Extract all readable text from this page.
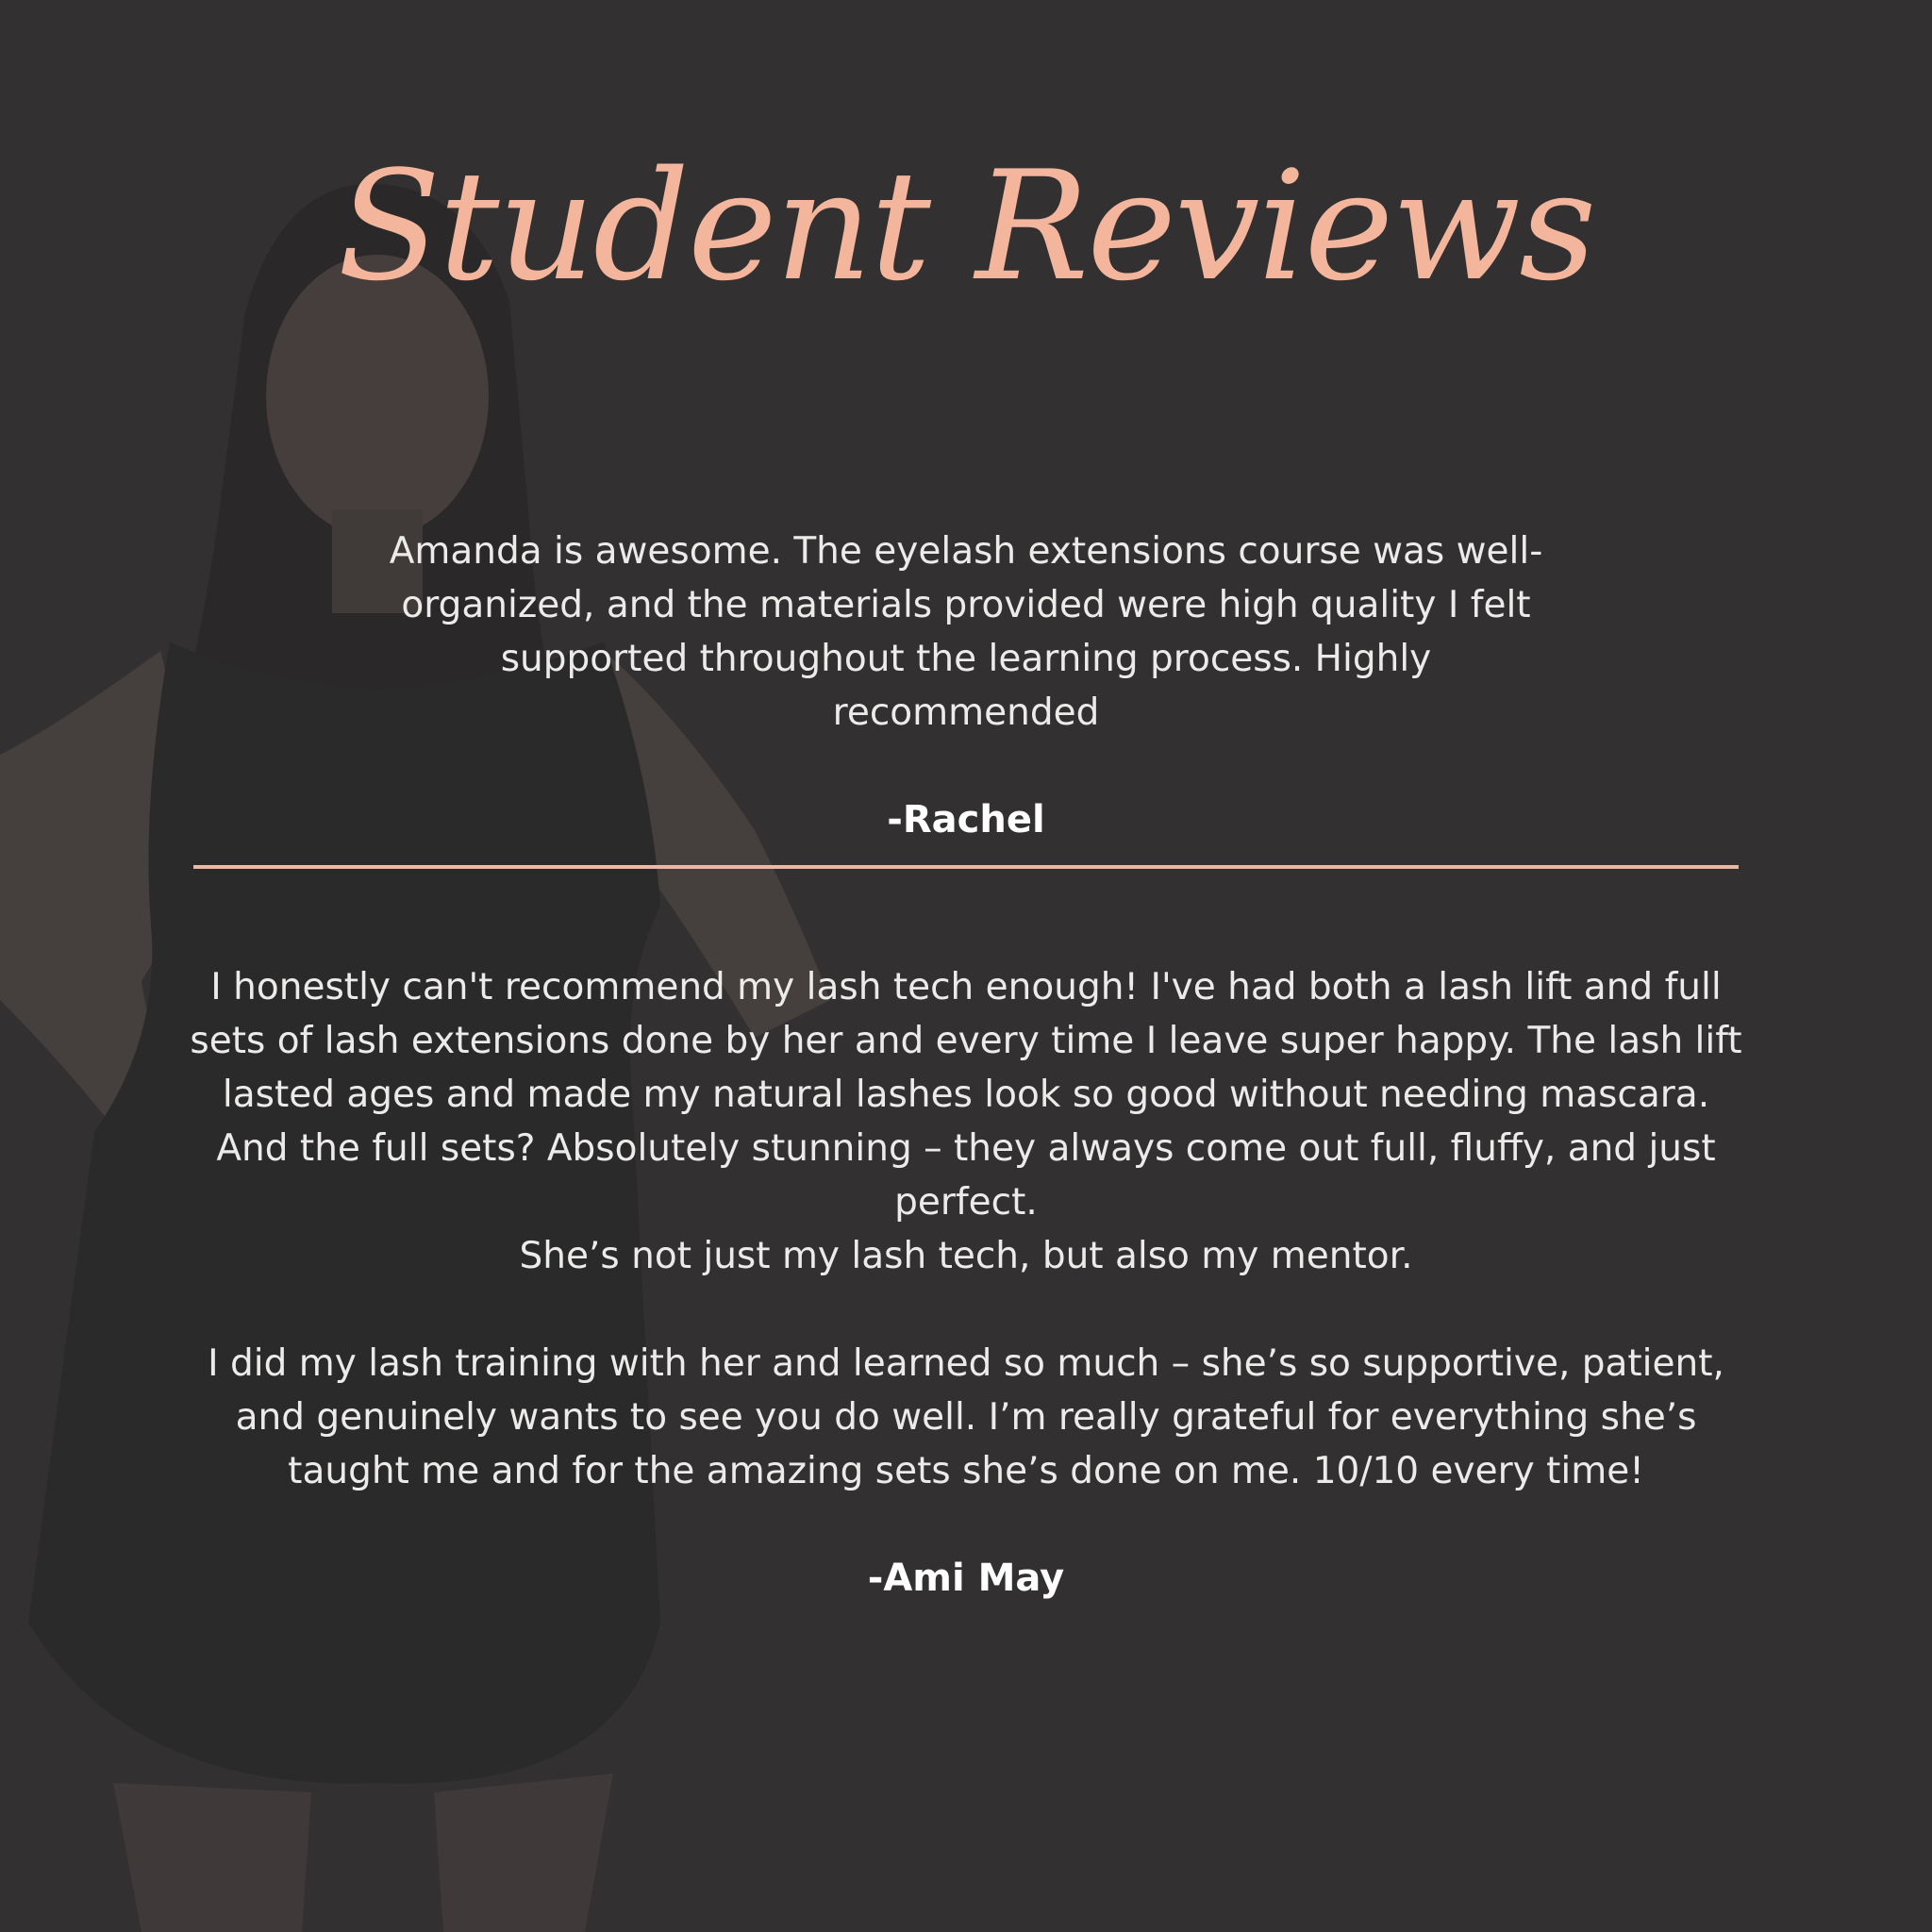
Student Reviews

Amanda is awesome. The eyelash extensions course was well-organized, and the materials provided were high quality I felt supported throughout the learning process. Highly recommended

-Rachel

I honestly can't recommend my lash tech enough! I've had both a lash lift and full sets of lash extensions done by her and every time I leave super happy. The lash lift lasted ages and made my natural lashes look so good without needing mascara. And the full sets? Absolutely stunning – they always come out full, fluffy, and just perfect.

She’s not just my lash tech, but also my mentor.

I did my lash training with her and learned so much – she’s so supportive, patient, and genuinely wants to see you do well. I’m really grateful for everything she’s taught me and for the amazing sets she’s done on me. 10/10 every time!

-Ami May
